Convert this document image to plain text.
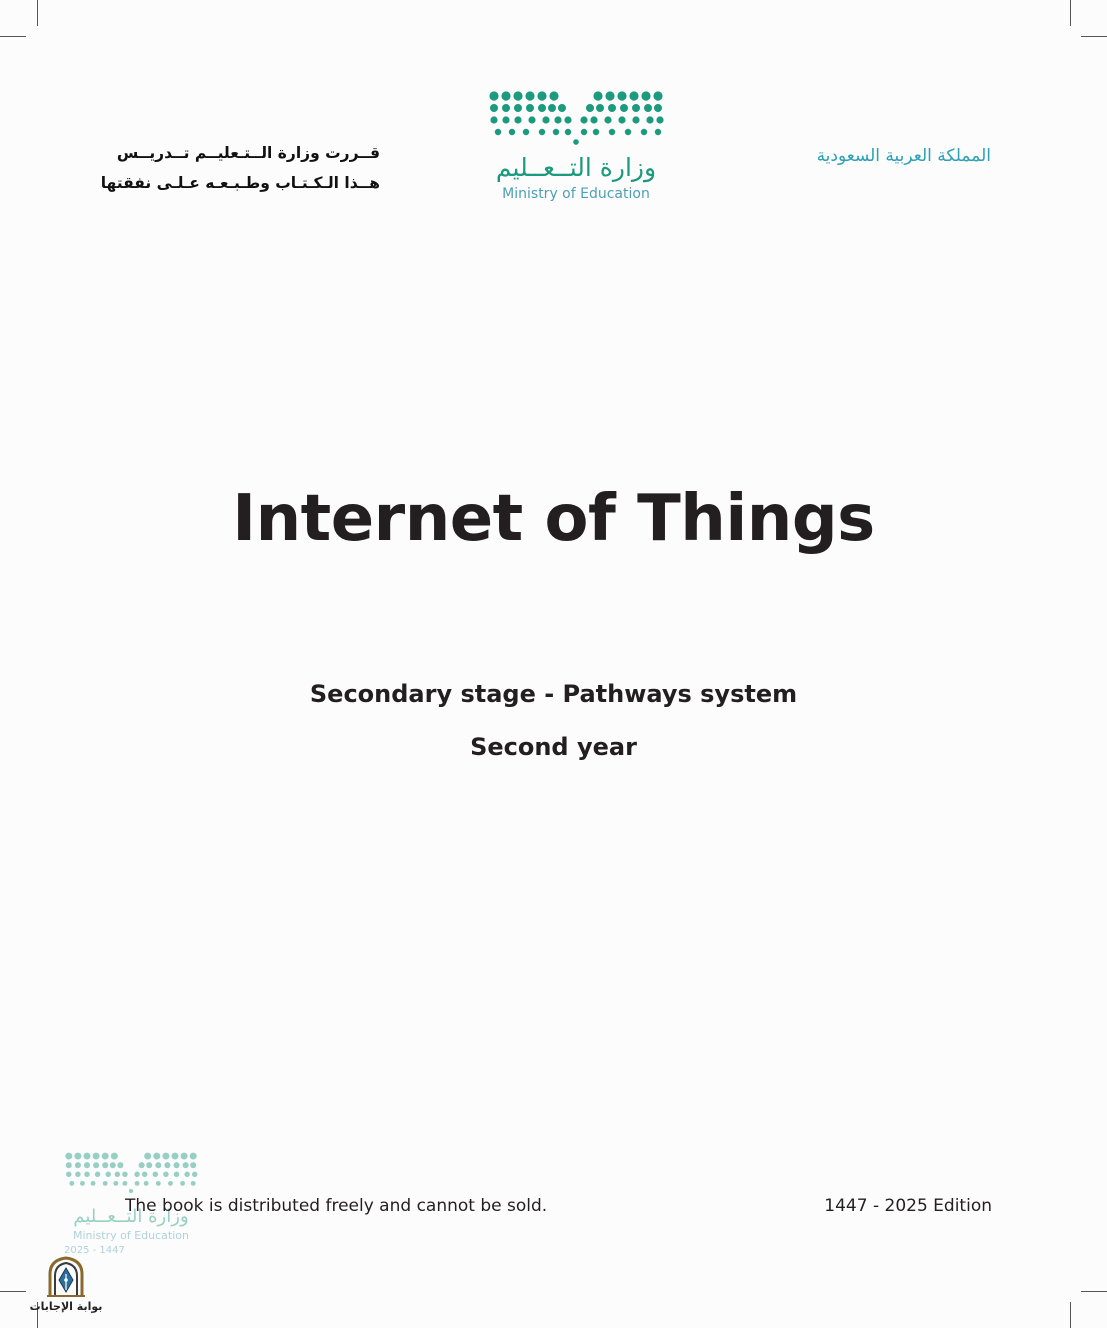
قــررت وزارة الــتـعليــم تــدريــس
هــذا الـكـتـاب وطـبـعـه عـلـى نفقتها
وزارة التــعــليم
Ministry of Education
المملكة العربية السعودية
Internet of Things
Secondary stage - Pathways system
Second year
وزارة التــعــليم
Ministry of Education
2025 - 1447
The book is distributed freely and cannot be sold.	1447 - 2025 Edition
بوابة الإجابات
